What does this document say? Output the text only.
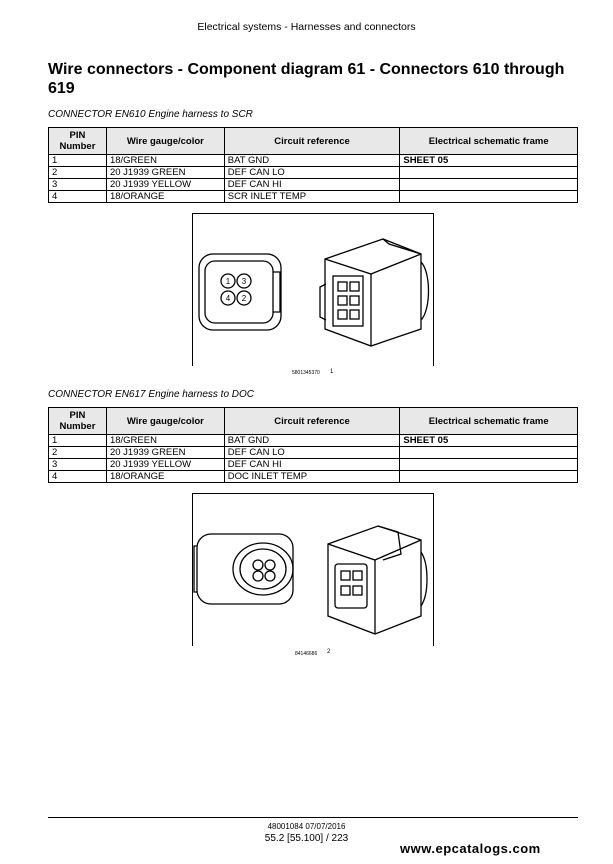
Electrical systems - Harnesses and connectors
Wire connectors - Component diagram 61 - Connectors 610 through 619
CONNECTOR EN610 Engine harness to SCR
PIN Number	Wire gauge/color	Circuit reference	Electrical schematic frame
1	18/GREEN	BAT GND	SHEET 05
2	20 J1939 GREEN	DEF CAN LO	
3	20 J1939 YELLOW	DEF CAN HI	
4	18/ORANGE	SCR INLET TEMP	
1 3
4 2
5801345370 1
CONNECTOR EN617 Engine harness to DOC
PIN Number	Wire gauge/color	Circuit reference	Electrical schematic frame
1	18/GREEN	BAT GND	SHEET 05
2	20 J1939 GREEN	DEF CAN LO	
3	20 J1939 YELLOW	DEF CAN HI	
4	18/ORANGE	DOC INLET TEMP	
84146686 2
48001084 07/07/2016
55.2 [55.100] / 223
www.epcatalogs.com
